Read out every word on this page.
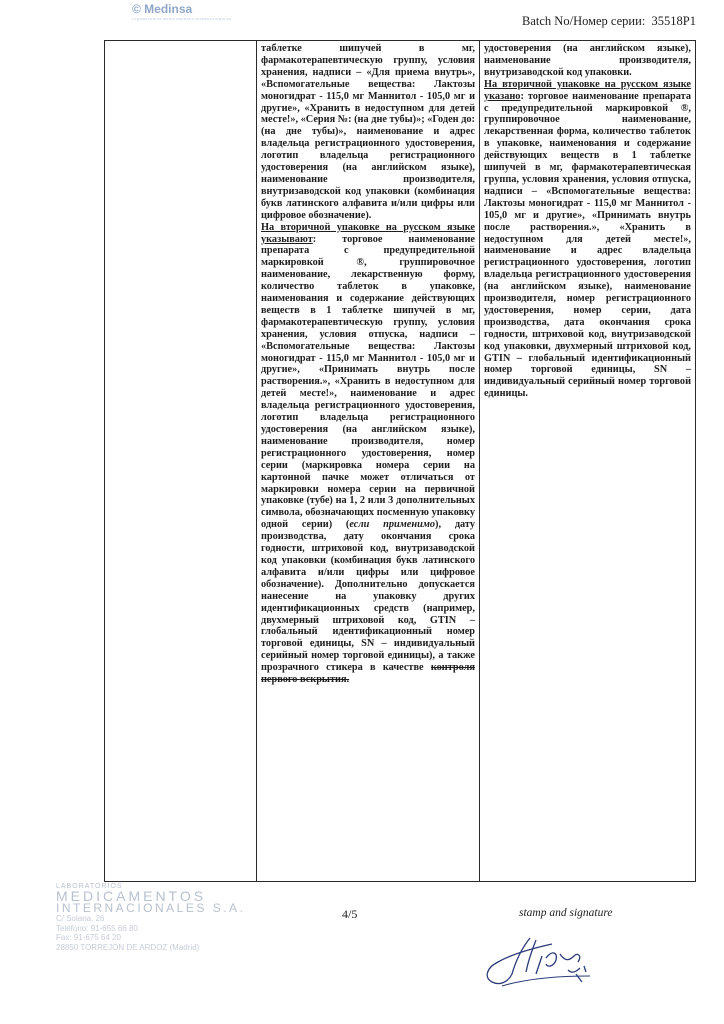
© Medinsa
LABORATORIOS MEDICAMENTOS INTERNACIONALES	Batch No/Номер серии: 35518P1

таблетке шипучей в мг, фармакотерапевтическую группу, условия хранения, надписи – «Для приема внутрь», «Вспомогательные вещества: Лактозы моногидрат - 115,0 мг Маннитол - 105,0 мг и другие», «Хранить в недоступном для детей месте!», «Серия №: (на дне тубы)»; «Годен до: (на дне тубы)», наименование и адрес владельца регистрационного удостоверения, логотип владельца регистрационного удостоверения (на английском языке), наименование производителя, внутризаводской код упаковки (комбинация букв латинского алфавита и/или цифры или цифровое обозначение).

На вторичной упаковке на русском языке указывают: торговое наименование препарата с предупредительной маркировкой ®, группировочное наименование, лекарственную форму, количество таблеток в упаковке, наименования и содержание действующих веществ в 1 таблетке шипучей в мг, фармакотерапевтическую группу, условия хранения, условия отпуска, надписи – «Вспомогательные вещества: Лактозы моногидрат - 115,0 мг Маннитол - 105,0 мг и другие», «Принимать внутрь после растворения.», «Хранить в недоступном для детей месте!», наименование и адрес владельца регистрационного удостоверения, логотип владельца регистрационного удостоверения (на английском языке), наименование производителя, номер регистрационного удостоверения, номер серии (маркировка номера серии на картонной пачке может отличаться от маркировки номера серии на первичной упаковке (тубе) на 1, 2 или 3 дополнительных символа, обозначающих посменную упаковку одной серии) (если применимо), дату производства, дату окончания срока годности, штриховой код, внутризаводской код упаковки (комбинация букв латинского алфавита и/или цифры или цифровое обозначение). Дополнительно допускается нанесение на упаковку других идентификационных средств (например, двухмерный штриховой код, GTIN – глобальный идентификационный номер торговой единицы, SN – индивидуальный серийный номер торговой единицы), а также прозрачного стикера в качестве контроля первого вскрытия.

удостоверения (на английском языке), наименование производителя, внутризаводской код упаковки.

На вторичной упаковке на русском языке указано: торговое наименование препарата с предупредительной маркировкой ®, группировочное наименование, лекарственная форма, количество таблеток в упаковке, наименования и содержание действующих веществ в 1 таблетке шипучей в мг, фармакотерапевтическая группа, условия хранения, условия отпуска, надписи – «Вспомогательные вещества: Лактозы моногидрат - 115,0 мг Маннитол - 105,0 мг и другие», «Принимать внутрь после растворения.», «Хранить в недоступном для детей месте!», наименование и адрес владельца регистрационного удостоверения, логотип владельца регистрационного удостоверения (на английском языке), наименование производителя, номер регистрационного удостоверения, номер серии, дата производства, дата окончания срока годности, штриховой код, внутризаводской код упаковки, двухмерный штриховой код, GTIN – глобальный идентификационный номер торговой единицы, SN – индивидуальный серийный номер торговой единицы.

LABORATORIOS
MEDICAMENTOS
INTERNACIONALES S.A.
C/ Solana, 26
Teléfono: 91-655 66 80
Fax: 91-675 64 20
28850 TORREJON DE ARDOZ (Madrid)
4/5	stamp and signature
